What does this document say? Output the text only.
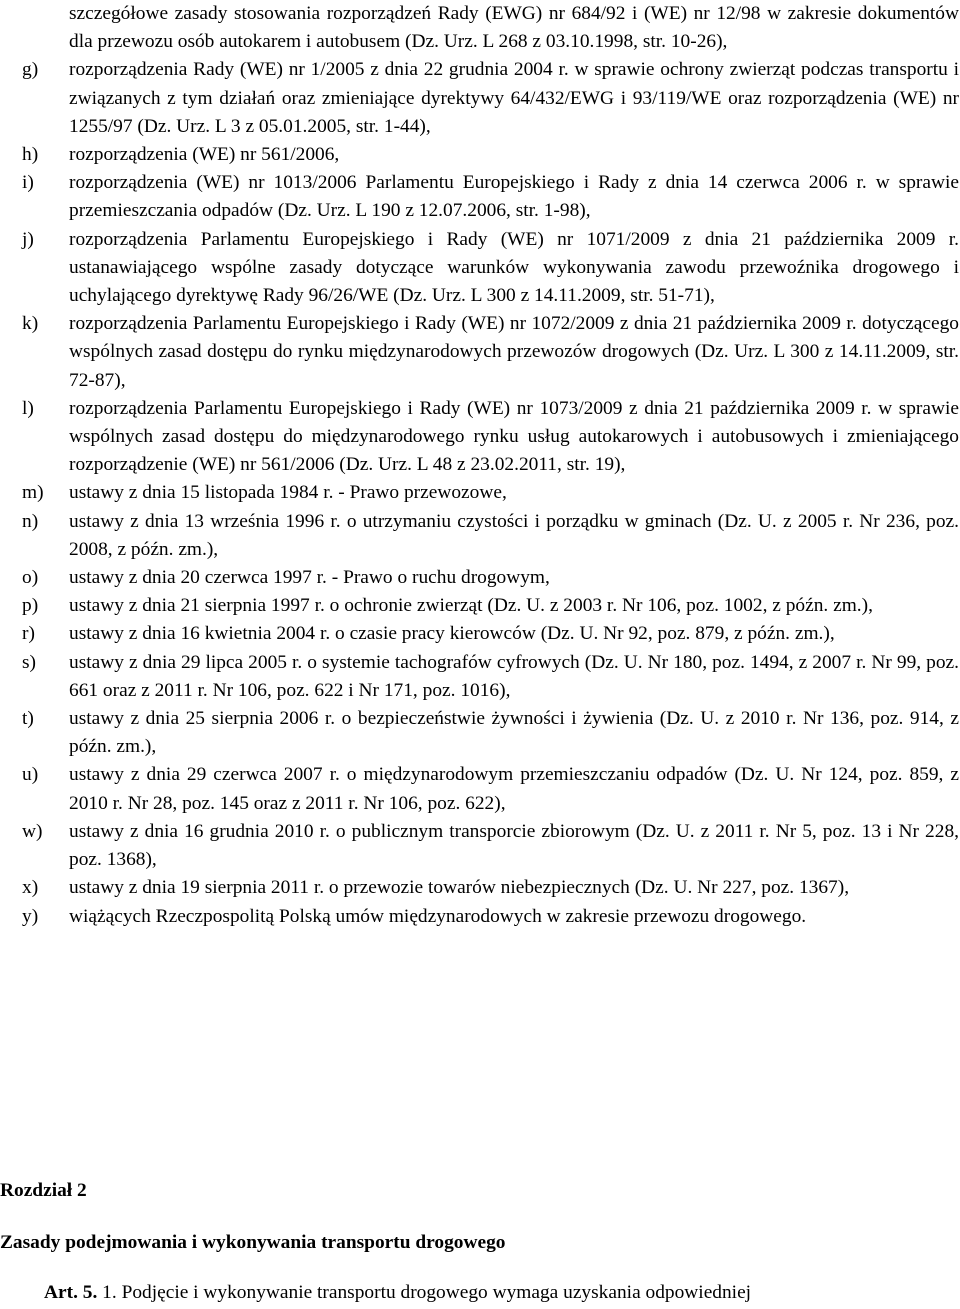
szczegółowe zasady stosowania rozporządzeń Rady (EWG) nr 684/92 i (WE) nr 12/98 w zakresie dokumentów dla przewozu osób autokarem i autobusem (Dz. Urz. L 268 z 03.10.1998, str. 10-26),
g)	rozporządzenia Rady (WE) nr 1/2005 z dnia 22 grudnia 2004 r. w sprawie ochrony zwierząt podczas transportu i związanych z tym działań oraz zmieniające dyrektywy 64/432/EWG i 93/119/WE oraz rozporządzenia (WE) nr 1255/97 (Dz. Urz. L 3 z 05.01.2005, str. 1-44),
h)	rozporządzenia (WE) nr 561/2006,
i)	rozporządzenia (WE) nr 1013/2006 Parlamentu Europejskiego i Rady z dnia 14 czerwca 2006 r. w sprawie przemieszczania odpadów (Dz. Urz. L 190 z 12.07.2006, str. 1-98),
j)	rozporządzenia Parlamentu Europejskiego i Rady (WE) nr 1071/2009 z dnia 21 października 2009 r. ustanawiającego wspólne zasady dotyczące warunków wykonywania zawodu przewoźnika drogowego i uchylającego dyrektywę Rady 96/26/WE (Dz. Urz. L 300 z 14.11.2009, str. 51-71),
k)	rozporządzenia Parlamentu Europejskiego i Rady (WE) nr 1072/2009 z dnia 21 października 2009 r. dotyczącego wspólnych zasad dostępu do rynku międzynarodowych przewozów drogowych (Dz. Urz. L 300 z 14.11.2009, str. 72-87),
l)	rozporządzenia Parlamentu Europejskiego i Rady (WE) nr 1073/2009 z dnia 21 października 2009 r. w sprawie wspólnych zasad dostępu do międzynarodowego rynku usług autokarowych i autobusowych i zmieniającego rozporządzenie (WE) nr 561/2006 (Dz. Urz. L 48 z 23.02.2011, str. 19),
m)	ustawy z dnia 15 listopada 1984 r. - Prawo przewozowe,
n)	ustawy z dnia 13 września 1996 r. o utrzymaniu czystości i porządku w gminach (Dz. U. z 2005 r. Nr 236, poz. 2008, z późn. zm.),
o)	ustawy z dnia 20 czerwca 1997 r. - Prawo o ruchu drogowym,
p)	ustawy z dnia 21 sierpnia 1997 r. o ochronie zwierząt (Dz. U. z 2003 r. Nr 106, poz. 1002, z późn. zm.),
r)	ustawy z dnia 16 kwietnia 2004 r. o czasie pracy kierowców (Dz. U. Nr 92, poz. 879, z późn. zm.),
s)	ustawy z dnia 29 lipca 2005 r. o systemie tachografów cyfrowych (Dz. U. Nr 180, poz. 1494, z 2007 r. Nr 99, poz. 661 oraz z 2011 r. Nr 106, poz. 622 i Nr 171, poz. 1016),
t)	ustawy z dnia 25 sierpnia 2006 r. o bezpieczeństwie żywności i żywienia (Dz. U. z 2010 r. Nr 136, poz. 914, z późn. zm.),
u)	ustawy z dnia 29 czerwca 2007 r. o międzynarodowym przemieszczaniu odpadów (Dz. U. Nr 124, poz. 859, z 2010 r. Nr 28, poz. 145 oraz z 2011 r. Nr 106, poz. 622),
w)	ustawy z dnia 16 grudnia 2010 r. o publicznym transporcie zbiorowym (Dz. U. z 2011 r. Nr 5, poz. 13 i Nr 228, poz. 1368),
x)	ustawy z dnia 19 sierpnia 2011 r. o przewozie towarów niebezpiecznych (Dz. U. Nr 227, poz. 1367),
y)	wiążących Rzeczpospolitą Polską umów międzynarodowych w zakresie przewozu drogowego.
Rozdział 2
Zasady podejmowania i wykonywania transportu drogowego
Art. 5. 1. Podjęcie i wykonywanie transportu drogowego wymaga uzyskania odpowiedniej
